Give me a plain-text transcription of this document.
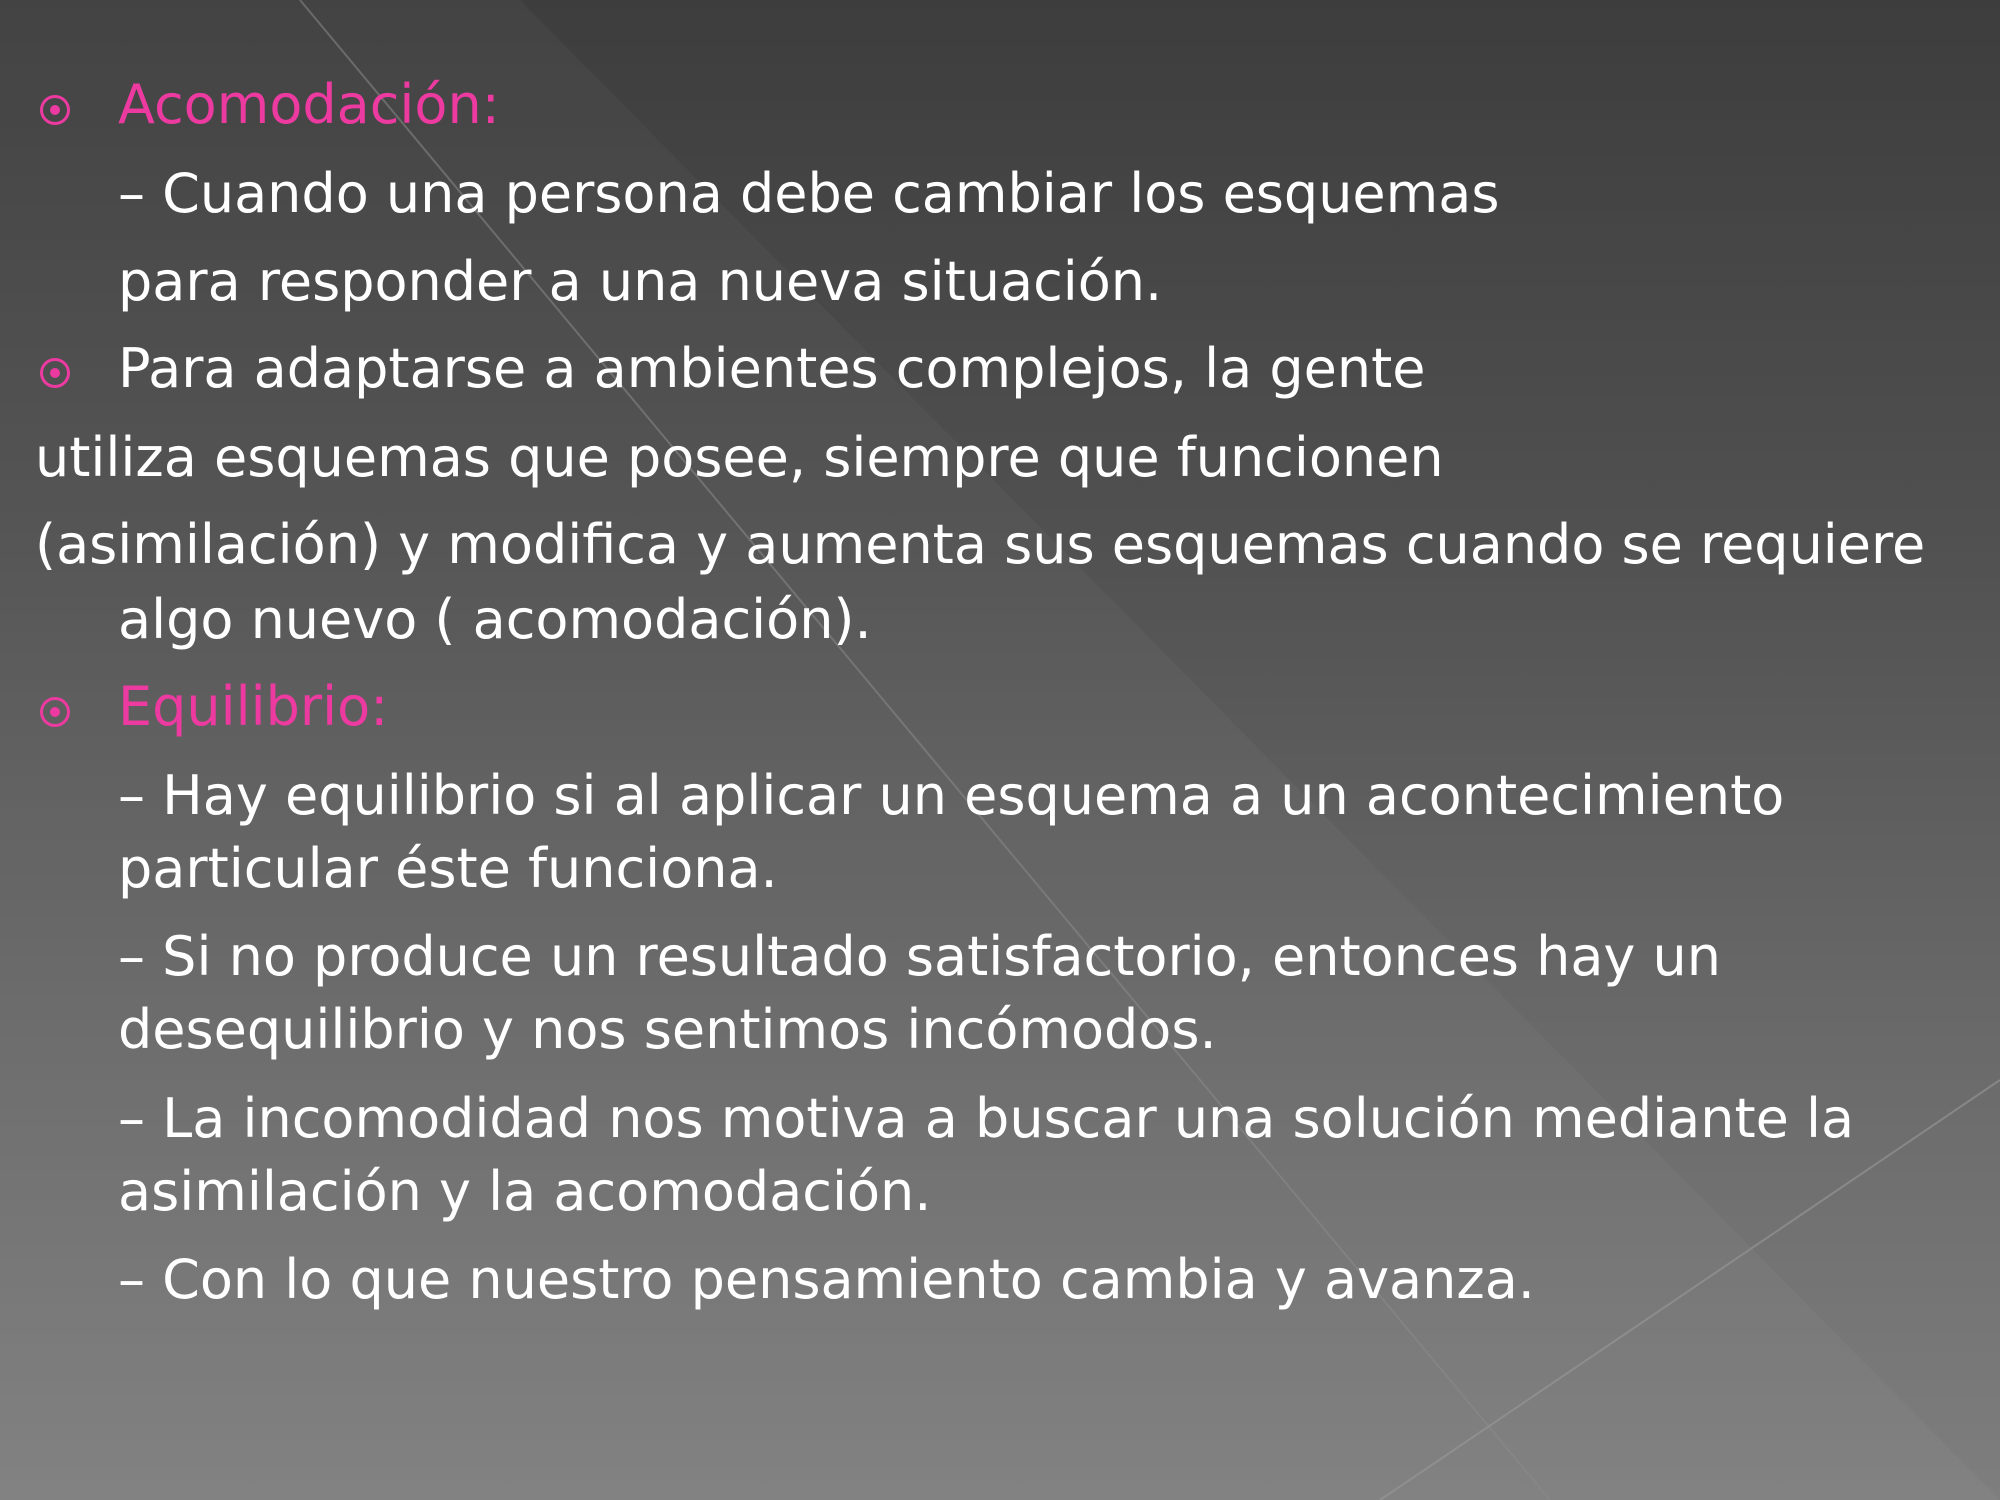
Acomodación:
– Cuando una persona debe cambiar los esquemas
para responder a una nueva situación.
Para adaptarse a ambientes complejos, la gente
utiliza esquemas que posee, siempre que funcionen
(asimilación) y modifica y aumenta sus esquemas cuando se requiere
algo nuevo ( acomodación).
Equilibrio:
– Hay equilibrio si al aplicar un esquema a un acontecimiento
particular éste funciona.
– Si no produce un resultado satisfactorio, entonces hay un
desequilibrio y nos sentimos incómodos.
– La incomodidad nos motiva a buscar una solución mediante la
asimilación y la acomodación.
– Con lo que nuestro pensamiento cambia y avanza.
